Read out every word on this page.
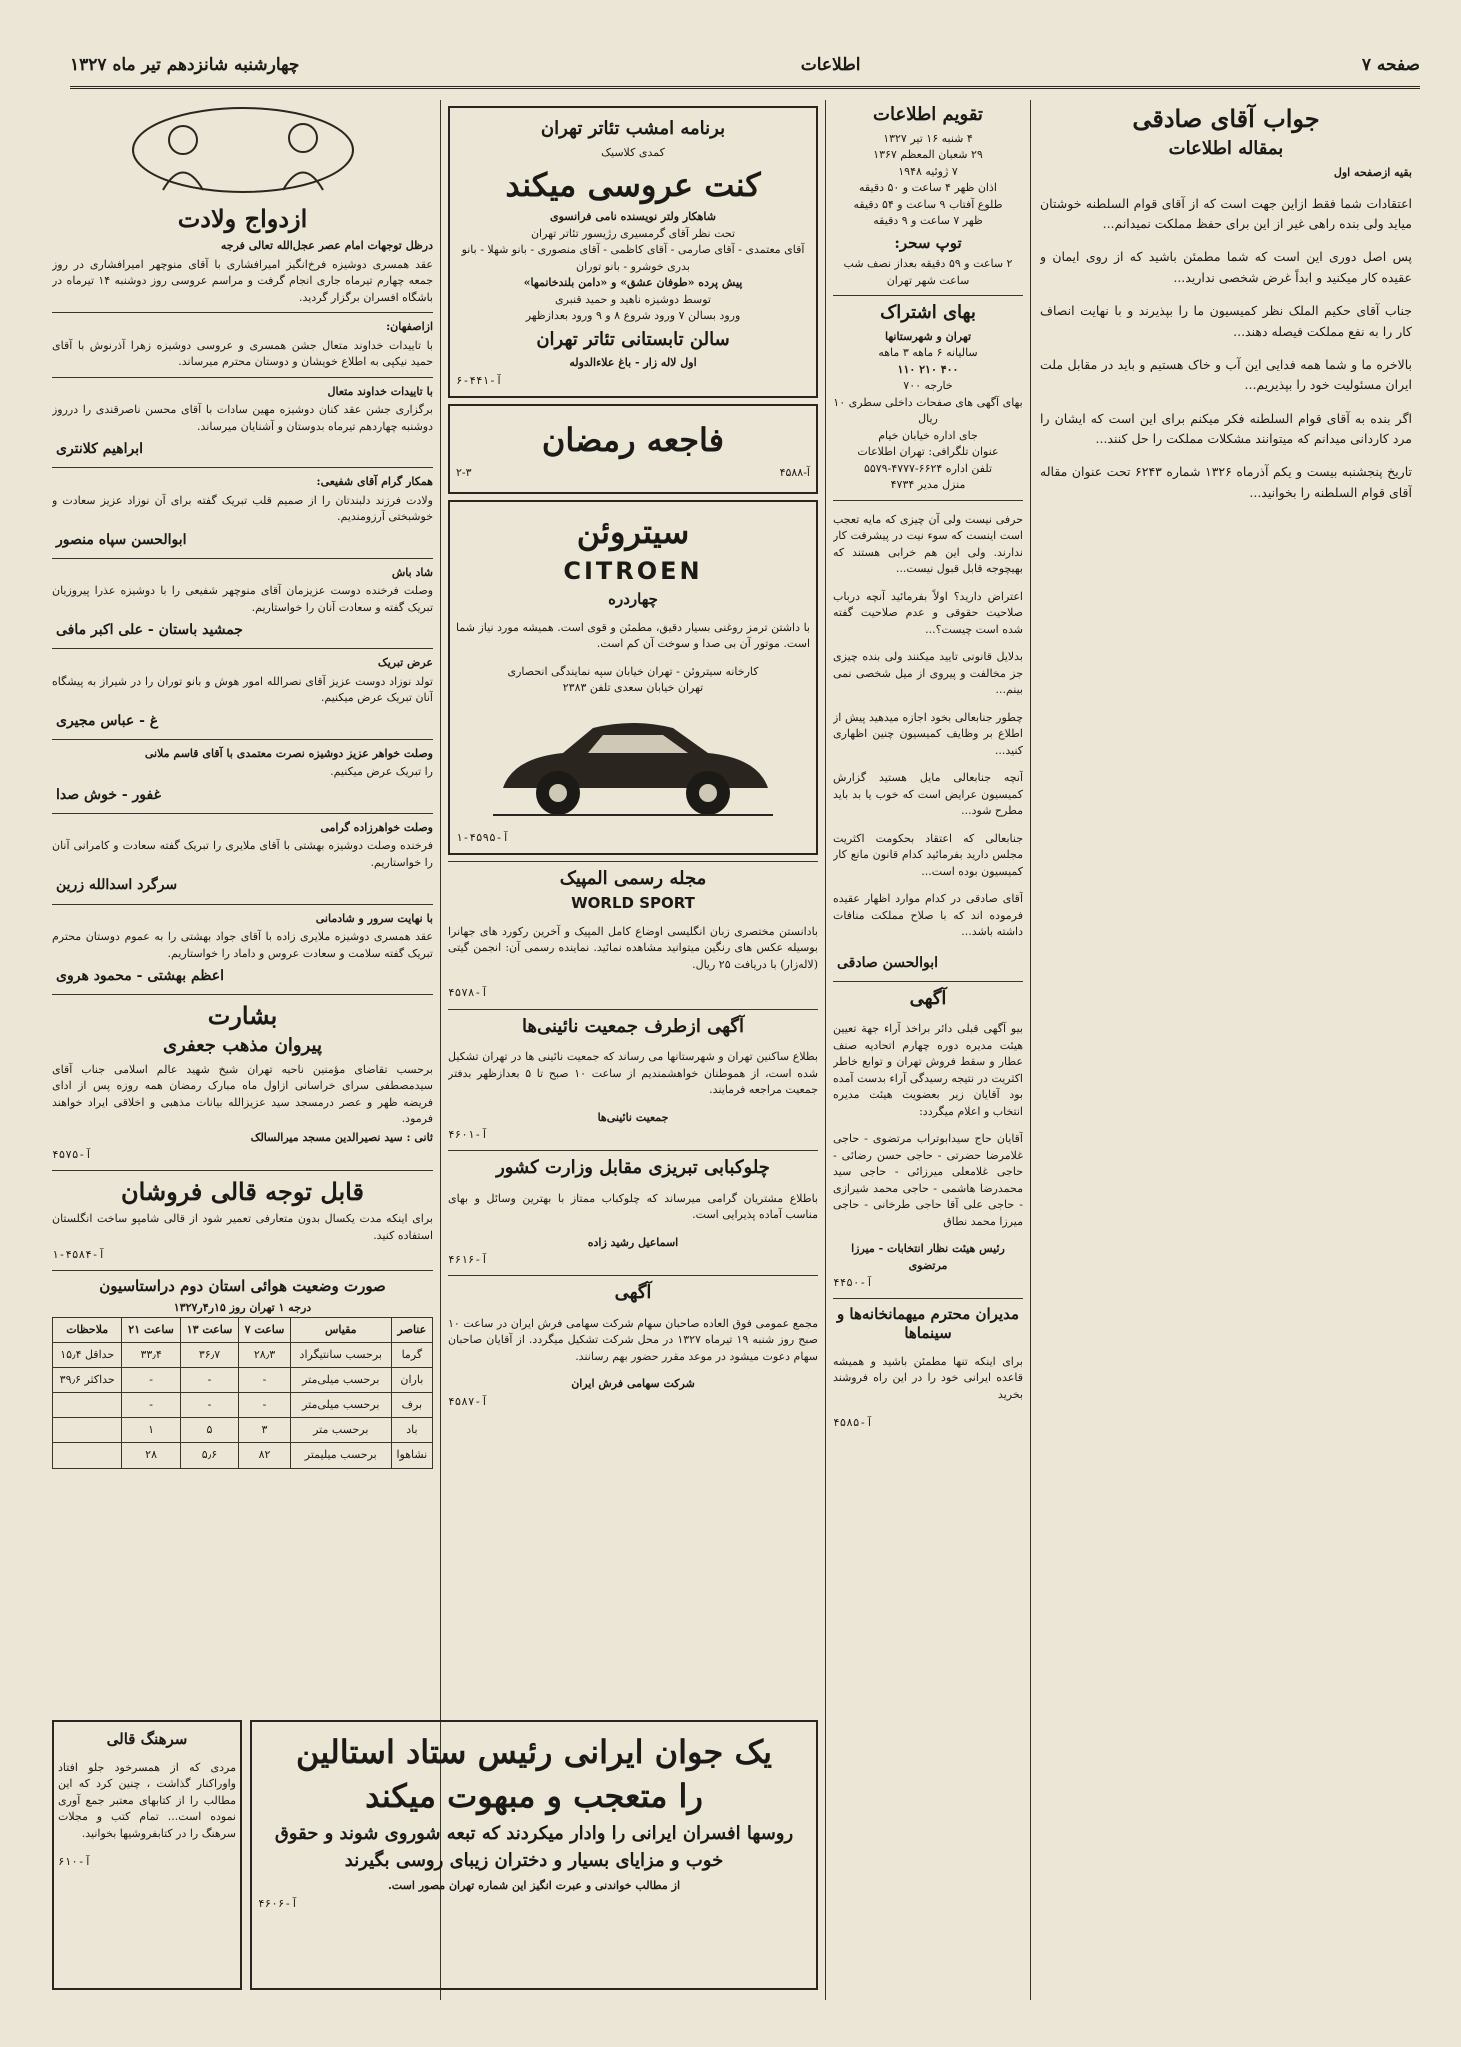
صفحه ۷
اطلاعات
چهارشنبه شانزدهم تیر ماه ۱۳۲۷
جواب آقای صادقی
بمقاله اطلاعات
بقیه ازصفحه اول

اعتقادات شما فقط ازاین جهت است که از آقای قوام السلطنه خوشتان میاید ولی بنده راهی غیر از این برای حفظ مملکت نمیدانم...

پس اصل دوری این است که شما مطمئن باشید که از روی ایمان و عقیده کار میکنید و ابداً غرض شخصی ندارید...

جناب آقای حکیم الملک نظر کمیسیون ما را بپذیرند و با نهایت انصاف کار را به نفع مملکت فیصله دهند...

بالاخره ما و شما همه فدایی این آب و خاک هستیم و باید در مقابل ملت ایران مسئولیت خود را بپذیریم...

اگر بنده به آقای قوام السلطنه فکر میکنم برای این است که ایشان را مرد کاردانی میدانم که میتوانند مشکلات مملکت را حل کنند...

تاریخ پنجشنبه بیست و یکم آذرماه ۱۳۲۶ شماره ۶۲۴۳ تحت عنوان مقاله آقای قوام السلطنه را بخوانید...

تقویم اطلاعات
۴ شنبه ۱۶ تیر ۱۳۲۷
۲۹ شعبان المعظم ۱۳۶۷
۷ ژوئیه ۱۹۴۸
اذان ظهر ۴ ساعت و ۵۰ دقیقه
طلوع آفتاب ۹ ساعت و ۵۴ دقیقه
ظهر ۷ ساعت و ۹ دقیقه
توپ سحر:
۲ ساعت و ۵۹ دقیقه بعداز نصف شب ساعت شهر تهران
بهای اشتراک
تهران و شهرستانها
سالیانه ۶ ماهه ۳ ماهه
۴۰۰ ۲۱۰ ۱۱۰
خارجه ۷۰۰
بهای آگهی های صفحات داخلی سطری ۱۰ ریال
جای اداره خیابان خیام
عنوان تلگرافی: تهران اطلاعات
تلفن اداره ۶۶۲۴-۴۷۷۷-۵۵۷۹
منزل مدیر ۴۷۳۴

حرفی نیست ولی آن چیزی که مایه تعجب است اینست که سوء نیت در پیشرفت کار ندارند. ولی این هم خرابی هستند که بهیچوجه قابل قبول نیست...

اعتراض دارید؟ اولاً بفرمائید آنچه درباب صلاحیت حقوقی و عدم صلاحیت گفته شده است چیست؟...

بدلایل قانونی تایید میکنند ولی بنده چیزی جز مخالفت و پیروی از میل شخصی نمی بینم...

چطور جنابعالی بخود اجازه میدهید پیش از اطلاع بر وظایف کمیسیون چنین اظهاری کنید...

آنچه جنابعالی مایل هستید گزارش کمیسیون عرایض است که خوب یا بد باید مطرح شود...

جنابعالی که اعتقاد بحکومت اکثریت مجلس دارید بفرمائید کدام قانون مانع کار کمیسیون بوده است...

آقای صادقی در کدام موارد اظهار عقیده فرموده اند که با صلاح مملکت منافات داشته باشد...

ابوالحسن صادقی
آگهی

بیو آگهی قبلی دائر براخذ آراء جهة تعیین هیئت مدیره دوره چهارم اتحادیه صنف عطار و سقط فروش تهران و توابع خاطر اکثریت در نتیجه رسیدگی آراء بدست آمده بود آقایان زیر بعضویت هیئت مدیره انتخاب و اعلام میگردد:

آقایان حاج سیدابوتراب مرتضوی - حاجی غلامرضا حضرتی - حاجی حسن رضائی - حاجی غلامعلی میرزائی - حاجی سید محمدرضا هاشمی - حاجی محمد شیرازی - حاجی علی آقا حاجی طرخانی - حاجی میرزا محمد نطاق

رئیس هیئت نظار انتخابات - میرزا مرتضوی
آ-۴۴۵۰
مدیران محترم میهمانخانه‌ها و سینماها

برای اینکه تنها مطمئن باشید و همیشه قاعده ایرانی خود را در این راه فروشند بخرید

آ-۴۵۸۵
برنامه امشب تئاتر تهران
کمدی کلاسیک
کنت عروسی میکند
شاهکار ولتر نویسنده نامی فرانسوی
تحت نظر آقای گرمسیری رژیسور تئاتر تهران
آقای معتمدی - آقای صارمی - آقای کاظمی - آقای منصوری - بانو شهلا - بانو بدری خوشرو - بانو توران
پیش پرده «طوفان عشق» و «دامن بلندخانمها»
توسط دوشیزه ناهید و حمید قنبری
ورود بسالن ۷ ورود شروع ۸ و ۹ ورود بعدازظهر
سالن تابستانی تئاتر تهران
اول لاله زار - باغ علاءالدوله
آ-۴۴۱-۶
فاجعه رمضان
۲-۳	آ-۴۵۸۸
سیتروئن
CITROEN
چهاردره

با داشتن ترمز روغنی بسیار دقیق، مطمئن و قوی است. همیشه مورد نیاز شما است. موتور آن بی صدا و سوخت آن کم است.

کارخانه سیتروئن - تهران خیابان سپه نمایندگی انحصاری
تهران خیابان سعدی تلفن ۲۳۸۳
آ-۴۵۹۵-۱
مجله رسمی المپیک
WORLD SPORT

بادانستن مختصری زبان انگلیسی اوضاع کامل المپیک و آخرین رکورد های جهانرا بوسیله عکس های رنگین میتوانید مشاهده نمائید. نماینده رسمی آن: انجمن گیتی (لاله‌زار) با دریافت ۲۵ ریال.

آ-۴۵۷۸
آگهی ازطرف جمعیت نائینی‌ها

بطلاع ساکنین تهران و شهرستانها می رساند که جمعیت نائینی ها در تهران تشکیل شده است، از هموطنان خواهشمندیم از ساعت ۱۰ صبح تا ۵ بعدازظهر بدفتر جمعیت مراجعه فرمایند.

جمعیت نائینی‌ها
آ-۴۶۰۱
چلوکبابی تبریزی مقابل وزارت کشور

باطلاع مشتریان گرامی میرساند که چلوکباب ممتاز با بهترین وسائل و بهای مناسب آماده پذیرایی است.

اسماعیل رشید زاده
آ-۴۶۱۶
آگهی

مجمع عمومی فوق العاده صاحبان سهام شرکت سهامی فرش ایران در ساعت ۱۰ صبح روز شنبه ۱۹ تیرماه ۱۳۲۷ در محل شرکت تشکیل میگردد. از آقایان صاحبان سهام دعوت میشود در موعد مقرر حضور بهم رسانند.

شرکت سهامی فرش ایران
آ-۴۵۸۷
ازدواج ولادت
درظل توجهات امام عصر عجل‌الله تعالی فرجه

عقد همسری دوشیزه فرخ‌انگیز امیرافشاری با آقای منوچهر امیرافشاری در روز جمعه چهارم تیرماه جاری انجام گرفت و مراسم عروسی روز دوشنبه ۱۴ تیرماه در باشگاه افسران برگزار گردید.

ازاصفهان:

با تاییدات خداوند متعال جشن همسری و عروسی دوشیزه زهرا آذرنوش با آقای حمید نیکپی به اطلاع خویشان و دوستان محترم میرساند.

با تاییدات خداوند متعال

برگزاری جشن عقد کنان دوشیزه مهین سادات با آقای محسن ناصرقندی را درروز دوشنبه چهاردهم تیرماه بدوستان و آشنایان میرساند.

ابراهیم کلانتری
همکار گرام آقای شفیعی:

ولادت فرزند دلبندتان را از صمیم قلب تبریک گفته برای آن نوزاد عزیز سعادت و خوشبختی آرزومندیم.

ابوالحسن سپاه منصور
شاد باش

وصلت فرخنده دوست عزیزمان آقای منوچهر شفیعی را با دوشیزه عذرا پیروزیان تبریک گفته و سعادت آنان را خواستاریم.

جمشید باستان - علی اکبر مافی
عرض تبریک

تولد نوزاد دوست عزیز آقای نصرالله امور هوش و بانو توران را در شیراز به پیشگاه آنان تبریک عرض میکنیم.

غ - عباس مجیری
وصلت خواهر عزیز دوشیزه نصرت معتمدی با آقای قاسم ملانی

را تبریک عرض میکنیم.

غفور - خوش صدا
وصلت خواهرزاده گرامی

فرخنده وصلت دوشیزه بهشتی با آقای ملایری را تبریک گفته سعادت و کامرانی آنان را خواستاریم.

سرگرد اسدالله زرین
با نهایت سرور و شادمانی

عقد همسری دوشیزه ملایری زاده با آقای جواد بهشتی را به عموم دوستان محترم تبریک گفته سلامت و سعادت عروس و داماد را خواستاریم.

اعظم بهشتی - محمود هروی
بشارت
پیروان مذهب جعفری

برحسب تقاضای مؤمنین ناحیه تهران شیخ شهید عالم اسلامی جناب آقای سیدمصطفی سرای خراسانی ازاول ماه مبارک رمضان همه روزه پس از ادای فریضه ظهر و عصر درمسجد سید عزیزالله بیانات مذهبی و اخلاقی ایراد خواهند فرمود.

ثانی : سید نصیرالدین مسجد میرالسالک
آ-۴۵۷۵
قابل توجه قالی فروشان

برای اینکه مدت یکسال بدون متعارفی تعمیر شود از قالی شامپو ساخت انگلستان استفاده کنید.

آ-۴۵۸۴-۱
صورت وضعیت هوائی استان دوم دراستاسیون
درجه ۱ تهران روز ۱۵ر۴ر۱۳۲۷
عناصر	مقیاس	ساعت ۷	ساعت ۱۳	ساعت ۲۱	ملاحظات
گرما	برحسب سانتیگراد	۲۸٫۳	۳۶٫۷	۳۳٫۴	حداقل ۱۵٫۴
باران	برحسب میلی‌متر	-	-	-	حداکثر ۳۹٫۶
برف	برحسب میلی‌متر	-	-	-	
باد	برحسب متر	۳	۵	۱	
نشاهوا	برحسب میلیمتر	۸۲	۵٫۶	۲۸	
سرهنگ قالی

مردی که از همسرخود جلو افتاد واوراکنار گذاشت ، چنین کرد که این مطالب را از کتابهای معتبر جمع آوری نموده است... تمام کتب و مجلات سرهنگ را در کتابفروشیها بخوانید.

آ-۶۱۰
یک جوان ایرانی رئیس ستاد استالین
را متعجب و مبهوت میکند
روسها افسران ایرانی را وادار میکردند که تبعه شوروی شوند و حقوق خوب و مزایای بسیار و دختران زیبای روسی بگیرند
از مطالب خواندنی و عبرت انگیز این شماره تهران مصور است.
آ-۴۶۰۶
